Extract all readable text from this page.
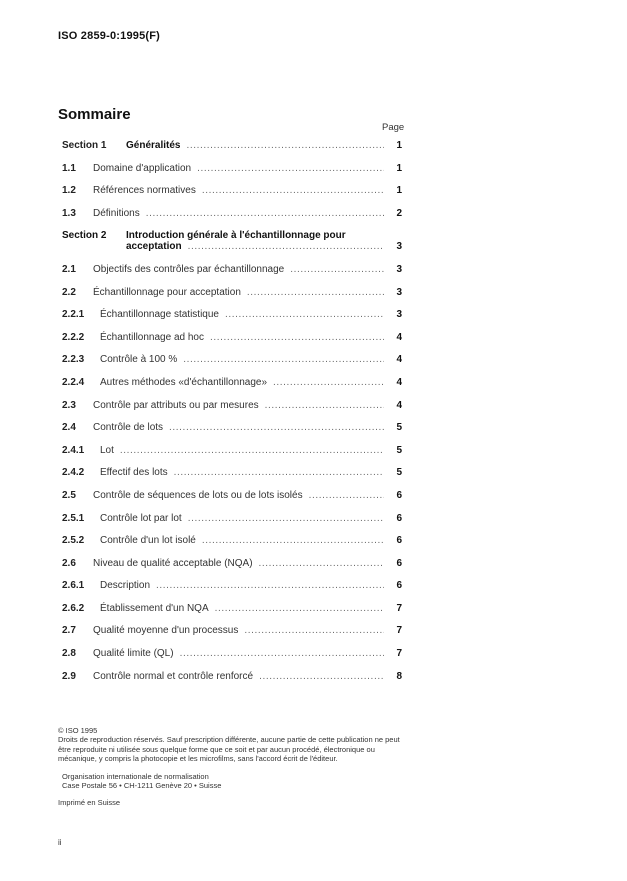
ISO 2859-0:1995(F)
Sommaire
Page
Section 1	Généralités .....	1
1.1	Domaine d'application .....	1
1.2	Références normatives .....	1
1.3	Définitions .....	2
Section 2	Introduction générale à l'échantillonnage pour
acceptation .....	3
2.1	Objectifs des contrôles par échantillonnage .....	3
2.2	Échantillonnage pour acceptation .....	3
2.2.1	Échantillonnage statistique .....	3
2.2.2	Échantillonnage ad hoc .....	4
2.2.3	Contrôle à 100 % .....	4
2.2.4	Autres méthodes «d'échantillonnage» .....	4
2.3	Contrôle par attributs ou par mesures .....	4
2.4	Contrôle de lots .....	5
2.4.1	Lot .....	5
2.4.2	Effectif des lots .....	5
2.5	Contrôle de séquences de lots ou de lots isolés .....	6
2.5.1	Contrôle lot par lot .....	6
2.5.2	Contrôle d'un lot isolé .....	6
2.6	Niveau de qualité acceptable (NQA) .....	6
2.6.1	Description .....	6
2.6.2	Établissement d'un NQA .....	7
2.7	Qualité moyenne d'un processus .....	7
2.8	Qualité limite (QL) .....	7
2.9	Contrôle normal et contrôle renforcé .....	8

© ISO 1995

Droits de reproduction réservés. Sauf prescription différente, aucune partie de cette publication ne peut être reproduite ni utilisée sous quelque forme que ce soit et par aucun procédé, électronique ou mécanique, y compris la photocopie et les microfilms, sans l'accord écrit de l'éditeur.

Organisation internationale de normalisation

Case Postale 56 • CH-1211 Genève 20 • Suisse

Imprimé en Suisse

ii
